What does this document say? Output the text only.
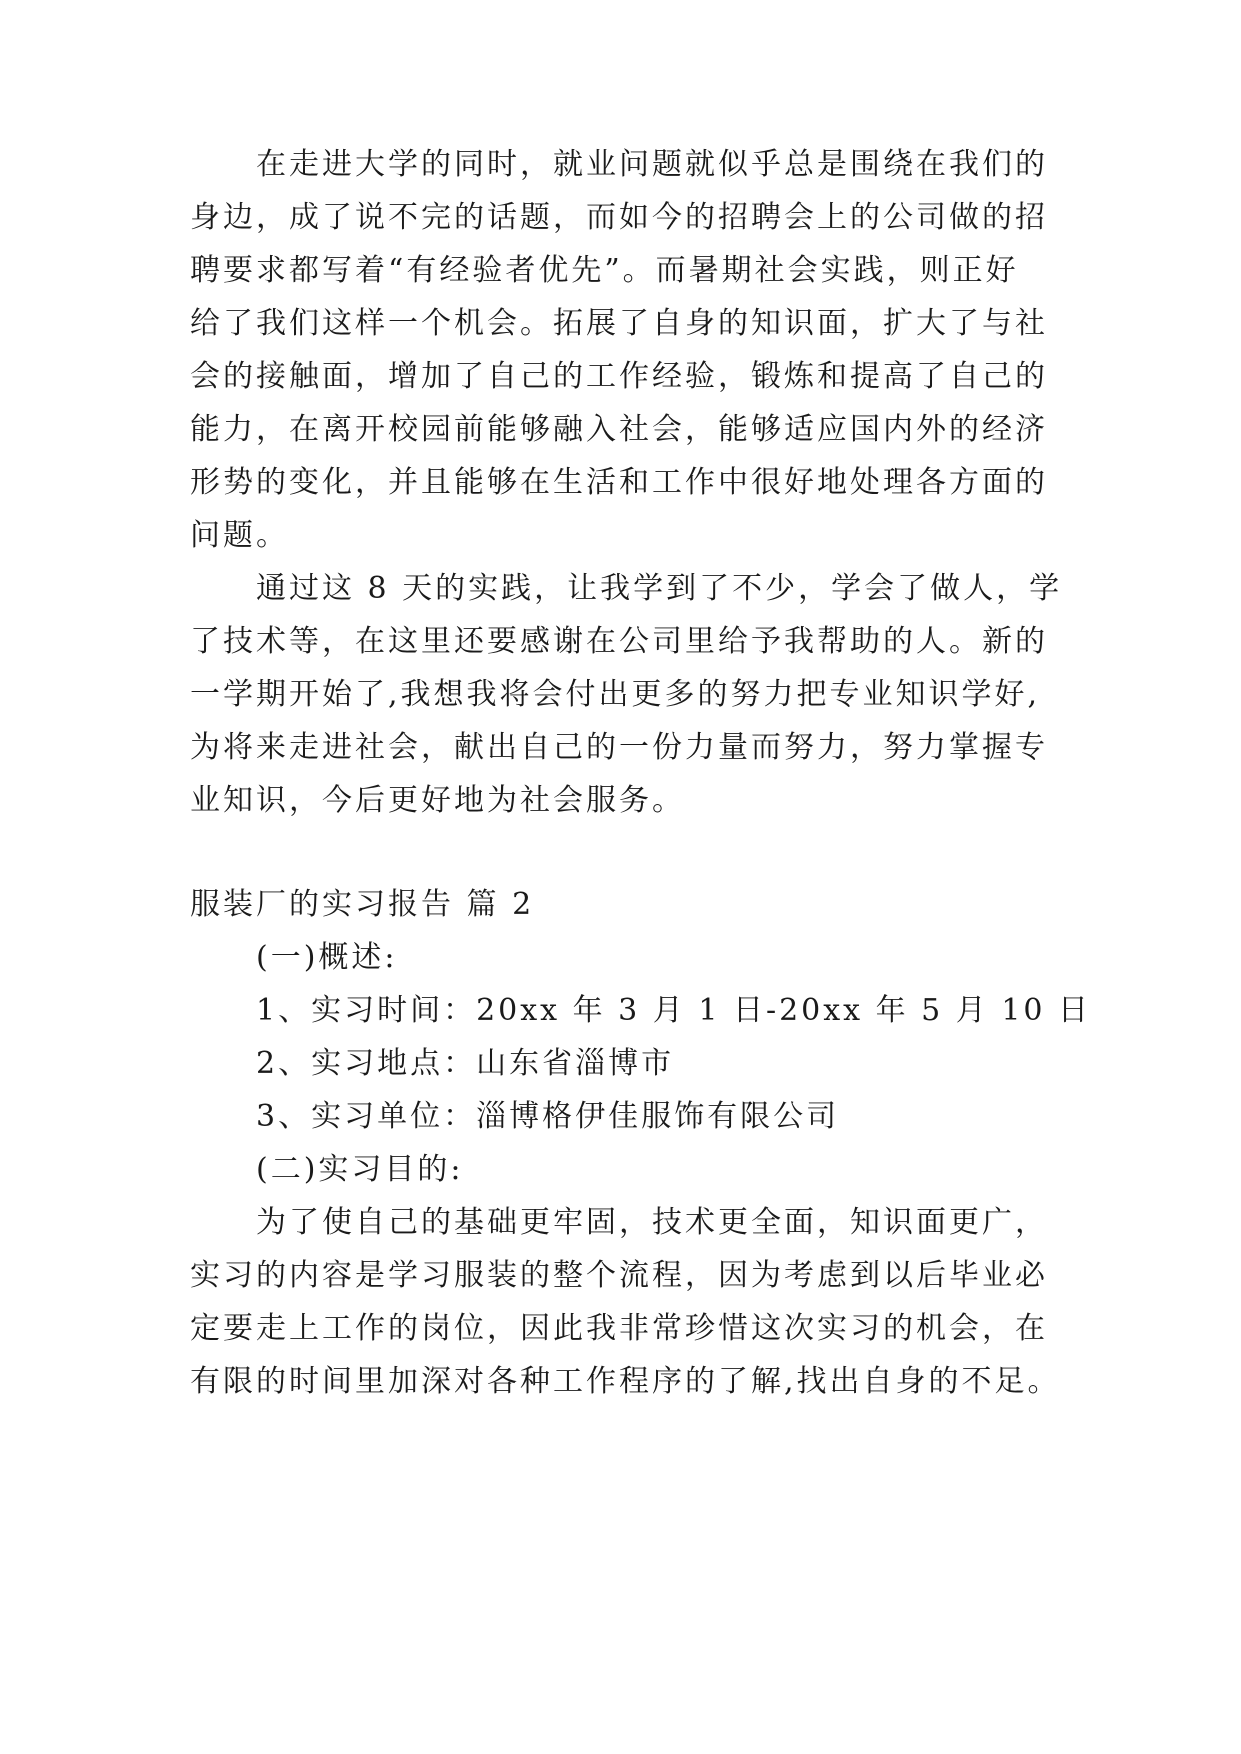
在走进大学的同时，就业问题就似乎总是围绕在我们的
身边，成了说不完的话题，而如今的招聘会上的公司做的招
聘要求都写着“有经验者优先”。而暑期社会实践，则正好
给了我们这样一个机会。拓展了自身的知识面，扩大了与社
会的接触面，增加了自己的工作经验，锻炼和提高了自己的
能力，在离开校园前能够融入社会，能够适应国内外的经济
形势的变化，并且能够在生活和工作中很好地处理各方面的
问题。
通过这 8 天的实践，让我学到了不少，学会了做人，学
了技术等，在这里还要感谢在公司里给予我帮助的人。新的
一学期开始了,我想我将会付出更多的努力把专业知识学好,
为将来走进社会，献出自己的一份力量而努力，努力掌握专
业知识，今后更好地为社会服务。
服装厂的实习报告 篇 2
(一)概述:
1、实习时间：20xx 年 3 月 1 日-20xx 年 5 月 10 日
2、实习地点：山东省淄博市
3、实习单位：淄博格伊佳服饰有限公司
(二)实习目的:
为了使自己的基础更牢固，技术更全面，知识面更广，
实习的内容是学习服装的整个流程，因为考虑到以后毕业必
定要走上工作的岗位，因此我非常珍惜这次实习的机会，在
有限的时间里加深对各种工作程序的了解,找出自身的不足。
